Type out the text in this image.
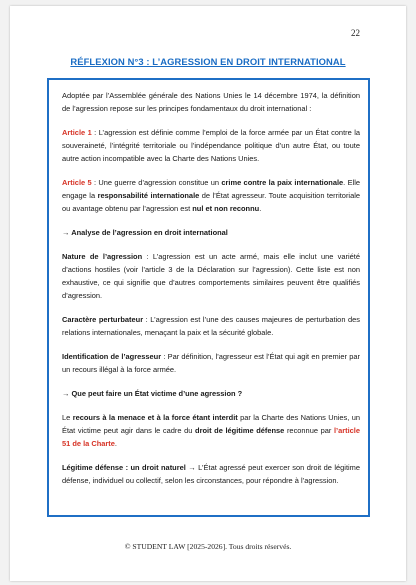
22
RÉFLEXION N°3 : L’AGRESSION EN DROIT INTERNATIONAL

Adoptée par l’Assemblée générale des Nations Unies le 14 décembre 1974, la définition de l’agression repose sur les principes fondamentaux du droit international :

Article 1 : L’agression est définie comme l’emploi de la force armée par un État contre la souveraineté, l’intégrité territoriale ou l’indépendance politique d’un autre État, ou toute autre action incompatible avec la Charte des Nations Unies.

Article 5 : Une guerre d’agression constitue un crime contre la paix internationale. Elle engage la responsabilité internationale de l’État agresseur. Toute acquisition territoriale ou avantage obtenu par l’agression est nul et non reconnu.

→ Analyse de l’agression en droit international

Nature de l’agression : L’agression est un acte armé, mais elle inclut une variété d’actions hostiles (voir l’article 3 de la Déclaration sur l’agression). Cette liste est non exhaustive, ce qui signifie que d’autres comportements similaires peuvent être qualifiés d’agression.

Caractère perturbateur : L’agression est l’une des causes majeures de perturbation des relations internationales, menaçant la paix et la sécurité globale.

Identification de l’agresseur : Par définition, l’agresseur est l’État qui agit en premier par un recours illégal à la force armée.

→ Que peut faire un État victime d’une agression ?

Le recours à la menace et à la force étant interdit par la Charte des Nations Unies, un État victime peut agir dans le cadre du droit de légitime défense reconnue par l’article 51 de la Charte.

Légitime défense : un droit naturel → L’État agressé peut exercer son droit de légitime défense, individuel ou collectif, selon les circonstances, pour répondre à l’agression.

© STUDENT LAW [2025-2026]. Tous droits réservés.
